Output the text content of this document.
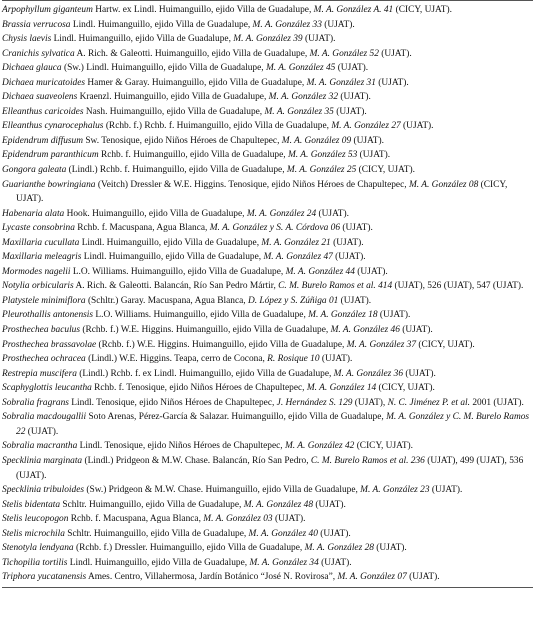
Arpophyllum giganteum Hartw. ex Lindl. Huimanguillo, ejido Villa de Guadalupe, M. A. González A. 41 (CICY, UJAT).

Brassia verrucosa Lindl. Huimanguillo, ejido Villa de Guadalupe, M. A. González 33 (UJAT).

Chysis laevis Lindl. Huimanguillo, ejido Villa de Guadalupe, M. A. González 39 (UJAT).

Cranichis sylvatica A. Rich. & Galeotti. Huimanguillo, ejido Villa de Guadalupe, M. A. González 52 (UJAT).

Dichaea glauca (Sw.) Lindl. Huimanguillo, ejido Villa de Guadalupe, M. A. González 45 (UJAT).

Dichaea muricatoides Hamer & Garay. Huimanguillo, ejido Villa de Guadalupe, M. A. González 31 (UJAT).

Dichaea suaveolens Kraenzl. Huimanguillo, ejido Villa de Guadalupe, M. A. González 32 (UJAT).

Elleanthus caricoides Nash. Huimanguillo, ejido Villa de Guadalupe, M. A. González 35 (UJAT).

Elleanthus cynarocephalus (Rchb. f.) Rchb. f. Huimanguillo, ejido Villa de Guadalupe, M. A. González 27 (UJAT).

Epidendrum diffusum Sw. Tenosique, ejido Niños Héroes de Chapultepec, M. A. González 09 (UJAT).

Epidendrum paranthicum Rchb. f. Huimanguillo, ejido Villa de Guadalupe, M. A. González 53 (UJAT).

Gongora galeata (Lindl.) Rchb. f. Huimanguillo, ejido Villa de Guadalupe, M. A. González 25 (CICY, UJAT).

Guarianthe bowringiana (Veitch) Dressler & W.E. Higgins. Tenosique, ejido Niños Héroes de Chapultepec, M. A. González 08 (CICY, UJAT).

Habenaria alata Hook. Huimanguillo, ejido Villa de Guadalupe, M. A. González 24 (UJAT).

Lycaste consobrina Rchb. f. Macuspana, Agua Blanca, M. A. González y S. A. Córdova 06 (UJAT).

Maxillaria cucullata Lindl. Huimanguillo, ejido Villa de Guadalupe, M. A. González 21 (UJAT).

Maxillaria meleagris Lindl. Huimanguillo, ejido Villa de Guadalupe, M. A. González 47 (UJAT).

Mormodes nagelii L.O. Williams. Huimanguillo, ejido Villa de Guadalupe, M. A. González 44 (UJAT).

Notylia orbicularis A. Rich. & Galeotti. Balancán, Río San Pedro Mártir, C. M. Burelo Ramos et al. 414 (UJAT), 526 (UJAT), 547 (UJAT).

Platystele minimiflora (Schltr.) Garay. Macuspana, Agua Blanca, D. López y S. Zúñiga 01 (UJAT).

Pleurothallis antonensis L.O. Williams. Huimanguillo, ejido Villa de Guadalupe, M. A. González 18 (UJAT).

Prosthechea baculus (Rchb. f.) W.E. Higgins. Huimanguillo, ejido Villa de Guadalupe, M. A. González 46 (UJAT).

Prosthechea brassavolae (Rchb. f.) W.E. Higgins. Huimanguillo, ejido Villa de Guadalupe, M. A. González 37 (CICY, UJAT).

Prosthechea ochracea (Lindl.) W.E. Higgins. Teapa, cerro de Cocona, R. Rosique 10 (UJAT).

Restrepia muscifera (Lindl.) Rchb. f. ex Lindl. Huimanguillo, ejido Villa de Guadalupe, M. A. González 36 (UJAT).

Scaphyglottis leucantha Rchb. f. Tenosique, ejido Niños Héroes de Chapultepec, M. A. González 14 (CICY, UJAT).

Sobralia fragrans Lindl. Tenosique, ejido Niños Héroes de Chapultepec, J. Hernández S. 129 (UJAT), N. C. Jiménez P. et al. 2001 (UJAT).

Sobralia macdougallii Soto Arenas, Pérez-García & Salazar. Huimanguillo, ejido Villa de Guadalupe, M. A. González y C. M. Burelo Ramos 22 (UJAT).

Sobralia macrantha Lindl. Tenosique, ejido Niños Héroes de Chapultepec, M. A. González 42 (CICY, UJAT).

Specklinia marginata (Lindl.) Pridgeon & M.W. Chase. Balancán, Río San Pedro, C. M. Burelo Ramos et al. 236 (UJAT), 499 (UJAT), 536 (UJAT).

Specklinia tribuloides (Sw.) Pridgeon & M.W. Chase. Huimanguillo, ejido Villa de Guadalupe, M. A. González 23 (UJAT).

Stelis bidentata Schltr. Huimanguillo, ejido Villa de Guadalupe, M. A. González 48 (UJAT).

Stelis leucopogon Rchb. f. Macuspana, Agua Blanca, M. A. González 03 (UJAT).

Stelis microchila Schltr. Huimanguillo, ejido Villa de Guadalupe, M. A. González 40 (UJAT).

Stenotyla lendyana (Rchb. f.) Dressler. Huimanguillo, ejido Villa de Guadalupe, M. A. González 28 (UJAT).

Tichopilia tortilis Lindl. Huimanguillo, ejido Villa de Guadalupe, M. A. González 34 (UJAT).

Triphora yucatanensis Ames. Centro, Villahermosa, Jardín Botánico “José N. Rovirosa”, M. A. González 07 (UJAT).
